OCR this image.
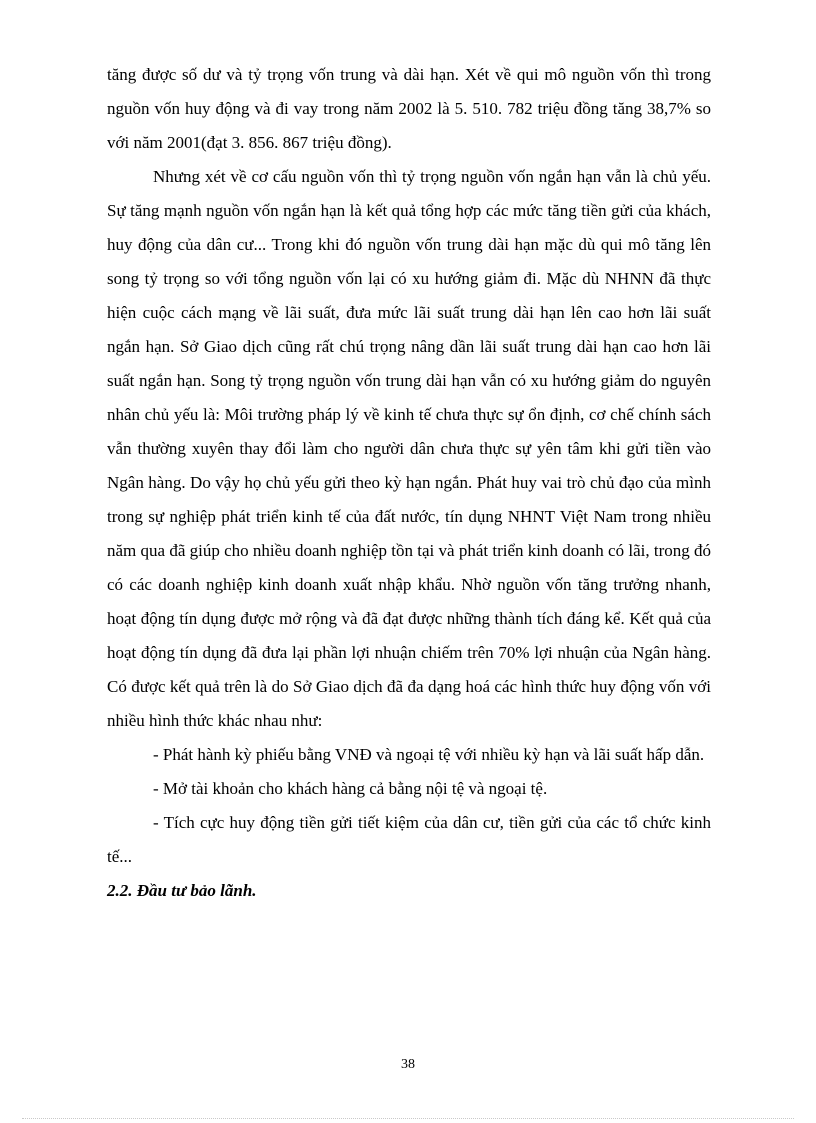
tăng được số dư và tỷ trọng vốn trung và dài hạn. Xét về qui mô nguồn vốn thì trong nguồn vốn huy động và đi vay trong năm 2002 là 5. 510. 782 triệu đồng tăng 38,7% so với năm 2001(đạt 3. 856. 867 triệu đồng).

Nhưng xét về cơ cấu nguồn vốn thì tỷ trọng nguồn vốn ngắn hạn vẫn là chủ yếu. Sự tăng mạnh nguồn vốn ngắn hạn là kết quả tổng hợp các mức tăng tiền gửi của khách, huy động của dân cư... Trong khi đó nguồn vốn trung dài hạn mặc dù qui mô tăng lên song tỷ trọng so với tổng nguồn vốn lại có xu hướng giảm đi. Mặc dù NHNN đã thực hiện cuộc cách mạng về lãi suất, đưa mức lãi suất trung dài hạn lên cao hơn lãi suất ngắn hạn. Sở Giao dịch cũng rất chú trọng nâng dần lãi suất trung dài hạn cao hơn lãi suất ngắn hạn. Song tỷ trọng nguồn vốn trung dài hạn vẫn có xu hướng giảm do nguyên nhân chủ yếu là: Môi trường pháp lý về kinh tế chưa thực sự ổn định, cơ chế chính sách vẫn thường xuyên thay đổi làm cho người dân chưa thực sự yên tâm khi gửi tiền vào Ngân hàng. Do vậy họ chủ yếu gửi theo kỳ hạn ngắn. Phát huy vai trò chủ đạo của mình trong sự nghiệp phát triển kinh tế của đất nước, tín dụng NHNT Việt Nam trong nhiều năm qua đã giúp cho nhiều doanh nghiệp tồn tại và phát triển kinh doanh có lãi, trong đó có các doanh nghiệp kinh doanh xuất nhập khẩu. Nhờ nguồn vốn tăng trưởng nhanh, hoạt động tín dụng được mở rộng và đã đạt được những thành tích đáng kể. Kết quả của hoạt động tín dụng đã đưa lại phần lợi nhuận chiếm trên 70% lợi nhuận của Ngân hàng. Có được kết quả trên là do Sở Giao dịch đã đa dạng hoá các hình thức huy động vốn với nhiều hình thức khác nhau như:

- Phát hành kỳ phiếu bằng VNĐ và ngoại tệ với nhiều kỳ hạn và lãi suất hấp dẫn.

- Mở tài khoản cho khách hàng cả bằng nội tệ và ngoại tệ.

- Tích cực huy động tiền gửi tiết kiệm của dân cư, tiền gửi của các tổ chức kinh tế...

2.2. Đầu tư bảo lãnh.

38
